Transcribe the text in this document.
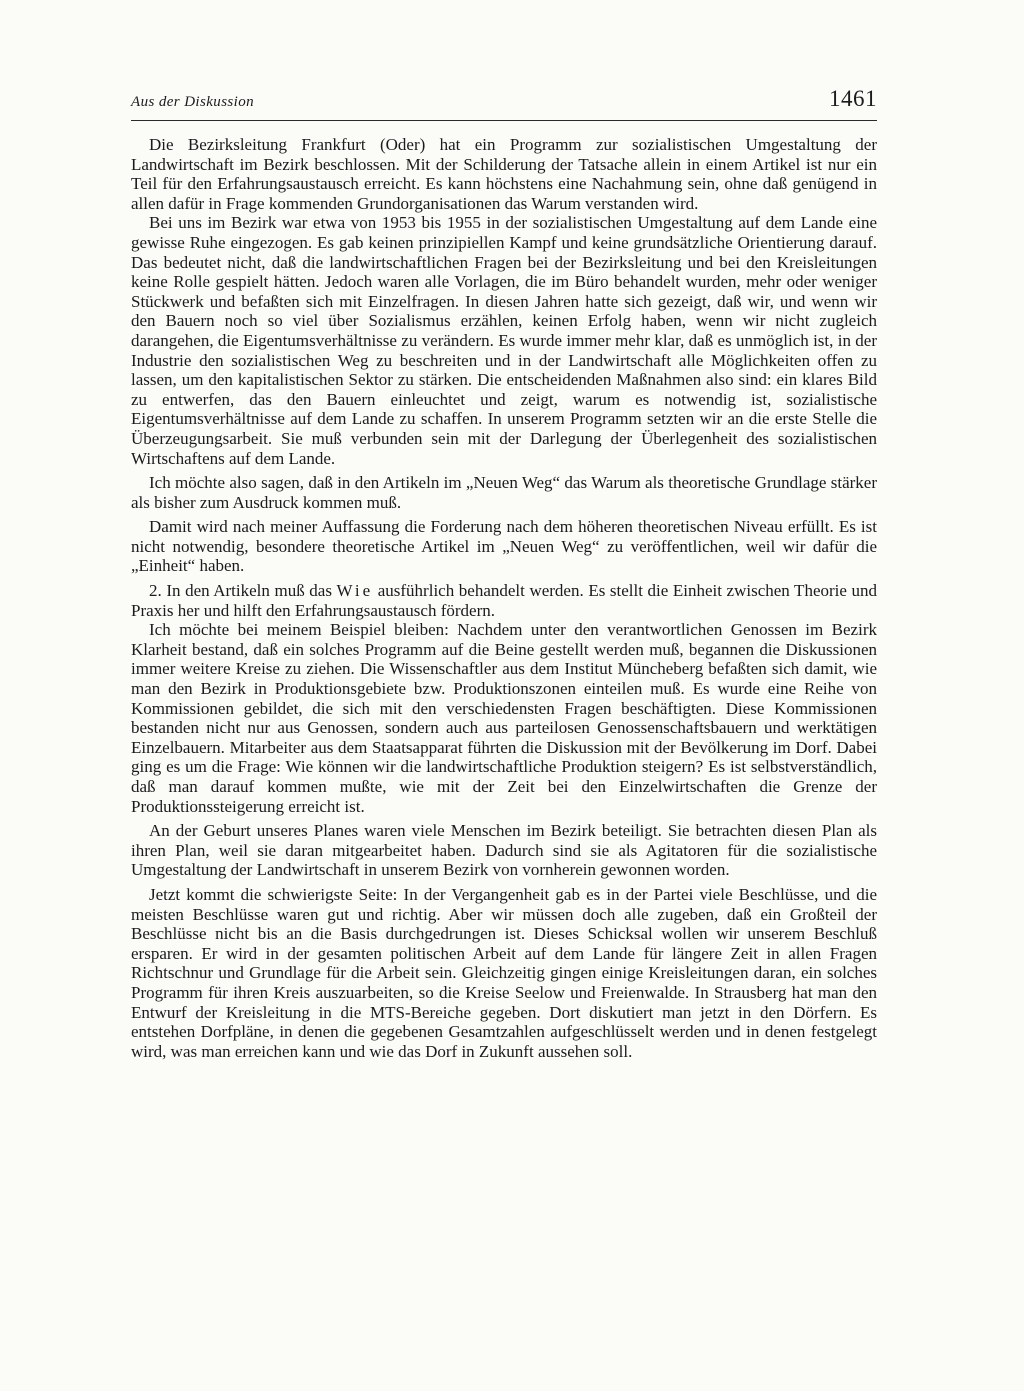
Aus der Diskussion	1461

Die Bezirksleitung Frankfurt (Oder) hat ein Programm zur sozialistischen Umgestaltung der Landwirtschaft im Bezirk beschlossen. Mit der Schilderung der Tatsache allein in einem Artikel ist nur ein Teil für den Erfahrungsaustausch erreicht. Es kann höchstens eine Nachahmung sein, ohne daß genügend in allen dafür in Frage kommenden Grundorganisationen das Warum verstanden wird.

Bei uns im Bezirk war etwa von 1953 bis 1955 in der sozialistischen Umgestaltung auf dem Lande eine gewisse Ruhe eingezogen. Es gab keinen prinzipiellen Kampf und keine grundsätzliche Orientierung darauf. Das bedeutet nicht, daß die landwirtschaftlichen Fragen bei der Bezirksleitung und bei den Kreisleitungen keine Rolle gespielt hätten. Jedoch waren alle Vorlagen, die im Büro behandelt wurden, mehr oder weniger Stückwerk und befaßten sich mit Einzelfragen. In diesen Jahren hatte sich gezeigt, daß wir, und wenn wir den Bauern noch so viel über Sozialismus erzählen, keinen Erfolg haben, wenn wir nicht zugleich darangehen, die Eigentumsverhältnisse zu verändern. Es wurde immer mehr klar, daß es unmöglich ist, in der Industrie den sozialistischen Weg zu beschreiten und in der Landwirtschaft alle Möglichkeiten offen zu lassen, um den kapitalistischen Sektor zu stärken. Die entscheidenden Maßnahmen also sind: ein klares Bild zu entwerfen, das den Bauern einleuchtet und zeigt, warum es notwendig ist, sozialistische Eigentumsverhältnisse auf dem Lande zu schaffen. In unserem Programm setzten wir an die erste Stelle die Überzeugungsarbeit. Sie muß verbunden sein mit der Darlegung der Überlegenheit des sozialistischen Wirtschaftens auf dem Lande.

Ich möchte also sagen, daß in den Artikeln im „Neuen Weg“ das Warum als theoretische Grundlage stärker als bisher zum Ausdruck kommen muß.

Damit wird nach meiner Auffassung die Forderung nach dem höheren theoretischen Niveau erfüllt. Es ist nicht notwendig, besondere theoretische Artikel im „Neuen Weg“ zu veröffentlichen, weil wir dafür die „Einheit“ haben.

2. In den Artikeln muß das Wie ausführlich behandelt werden. Es stellt die Einheit zwischen Theorie und Praxis her und hilft den Erfahrungsaustausch fördern.

Ich möchte bei meinem Beispiel bleiben: Nachdem unter den verantwortlichen Genossen im Bezirk Klarheit bestand, daß ein solches Programm auf die Beine gestellt werden muß, begannen die Diskussionen immer weitere Kreise zu ziehen. Die Wissenschaftler aus dem Institut Müncheberg befaßten sich damit, wie man den Bezirk in Produktionsgebiete bzw. Produktionszonen einteilen muß. Es wurde eine Reihe von Kommissionen gebildet, die sich mit den verschiedensten Fragen beschäftigten. Diese Kommissionen bestanden nicht nur aus Genossen, sondern auch aus parteilosen Genossenschaftsbauern und werktätigen Einzelbauern. Mitarbeiter aus dem Staatsapparat führten die Diskussion mit der Bevölkerung im Dorf. Dabei ging es um die Frage: Wie können wir die landwirtschaftliche Produktion steigern? Es ist selbstverständlich, daß man darauf kommen mußte, wie mit der Zeit bei den Einzelwirtschaften die Grenze der Produktionssteigerung erreicht ist.

An der Geburt unseres Planes waren viele Menschen im Bezirk beteiligt. Sie betrachten diesen Plan als ihren Plan, weil sie daran mitgearbeitet haben. Dadurch sind sie als Agitatoren für die sozialistische Umgestaltung der Landwirtschaft in unserem Bezirk von vornherein gewonnen worden.

Jetzt kommt die schwierigste Seite: In der Vergangenheit gab es in der Partei viele Beschlüsse, und die meisten Beschlüsse waren gut und richtig. Aber wir müssen doch alle zugeben, daß ein Großteil der Beschlüsse nicht bis an die Basis durchgedrungen ist. Dieses Schicksal wollen wir unserem Beschluß ersparen. Er wird in der gesamten politischen Arbeit auf dem Lande für längere Zeit in allen Fragen Richtschnur und Grundlage für die Arbeit sein. Gleichzeitig gingen einige Kreisleitungen daran, ein solches Programm für ihren Kreis auszuarbeiten, so die Kreise Seelow und Freienwalde. In Strausberg hat man den Entwurf der Kreisleitung in die MTS-Bereiche gegeben. Dort diskutiert man jetzt in den Dörfern. Es entstehen Dorfpläne, in denen die gegebenen Gesamtzahlen aufgeschlüsselt werden und in denen festgelegt wird, was man erreichen kann und wie das Dorf in Zukunft aussehen soll.
